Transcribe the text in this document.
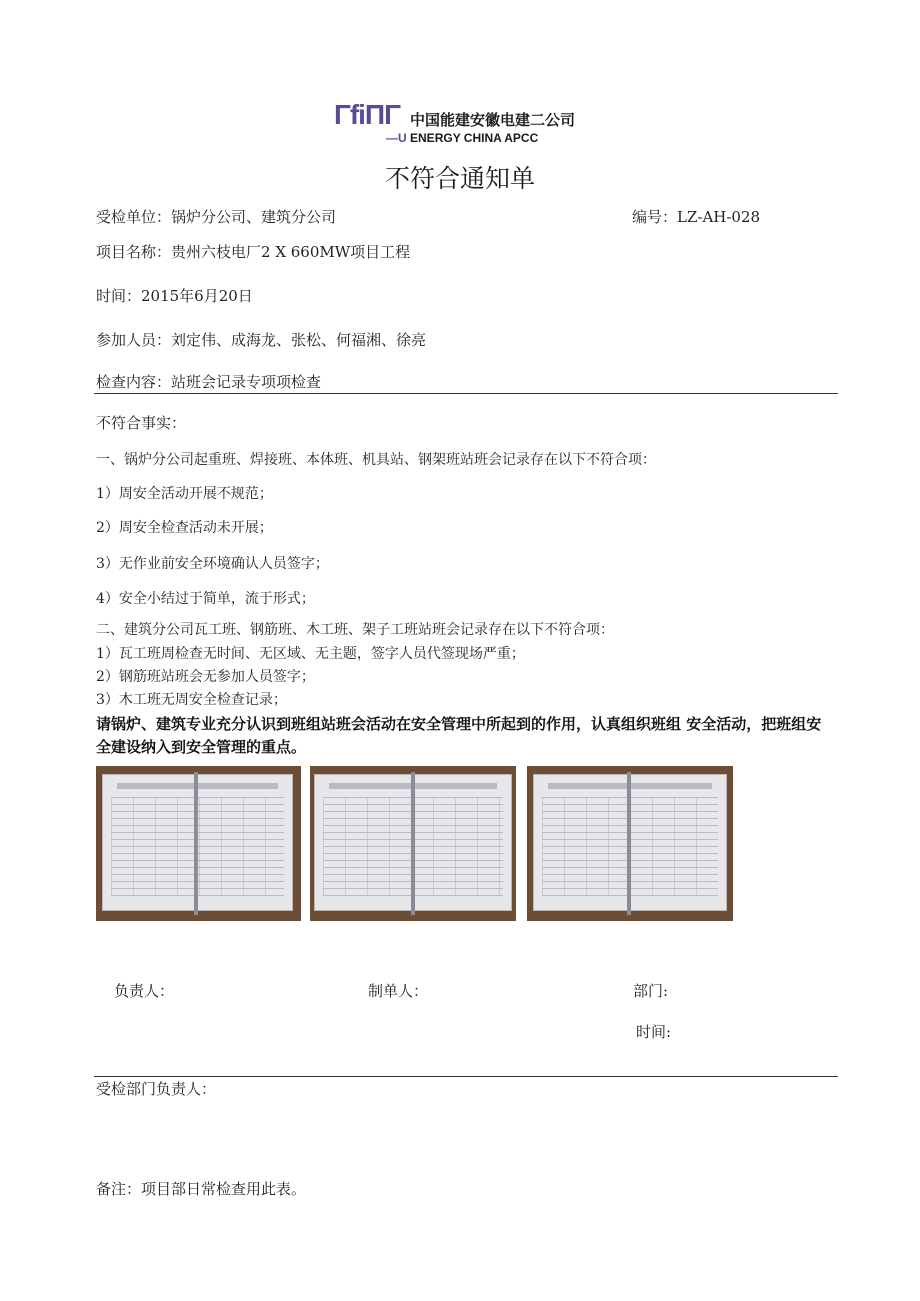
ΓfiΠΓ 中国能建安徽电建二公司
—U ENERGY CHINA APCC
不符合通知单
受检单位：锅炉分公司、建筑分公司	编号：LZ-AH-028
项目名称：贵州六枝电厂2 X 660MW项目工程
时间：2015年6月20日
参加人员：刘定伟、成海龙、张松、何福湘、徐亮
检查内容：站班会记录专项项检查
不符合事实：
一、锅炉分公司起重班、焊接班、本体班、机具站、钢架班站班会记录存在以下不符合项：
1）周安全活动开展不规范；
2）周安全检查活动未开展；
3）无作业前安全环境确认人员签字；
4）安全小结过于简单，流于形式；
二、建筑分公司瓦工班、钢筋班、木工班、架子工班站班会记录存在以下不符合项：
1）瓦工班周检查无时间、无区域、无主题，签字人员代签现场严重；
2）钢筋班站班会无参加人员签字；
3）木工班无周安全检查记录；
请锅炉、建筑专业充分认识到班组站班会活动在安全管理中所起到的作用，认真组织班组 安全活动，把班组安全建设纳入到安全管理的重点。
负责人：	制单人：	部门:
时间:
受检部门负责人：
备注：项目部日常检查用此表。
